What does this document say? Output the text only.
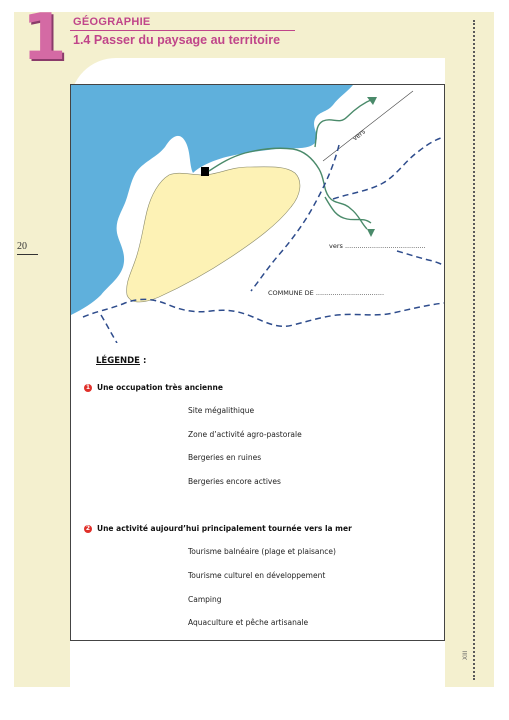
1 GÉOGRAPHIE
1.4 Passer du paysage au territoire
20
vers
vers .......................................
COMMUNE DE .................................
LÉGENDE :
1 Une occupation très ancienne
Site mégalithique
Zone d’activité agro-pastorale
Bergeries en ruines
Bergeries encore actives
2 Une activité aujourd’hui principalement tournée vers la mer
Tourisme balnéaire (plage et plaisance)
Tourisme culturel en développement
Camping
Aquaculture et pêche artisanale
XIII
